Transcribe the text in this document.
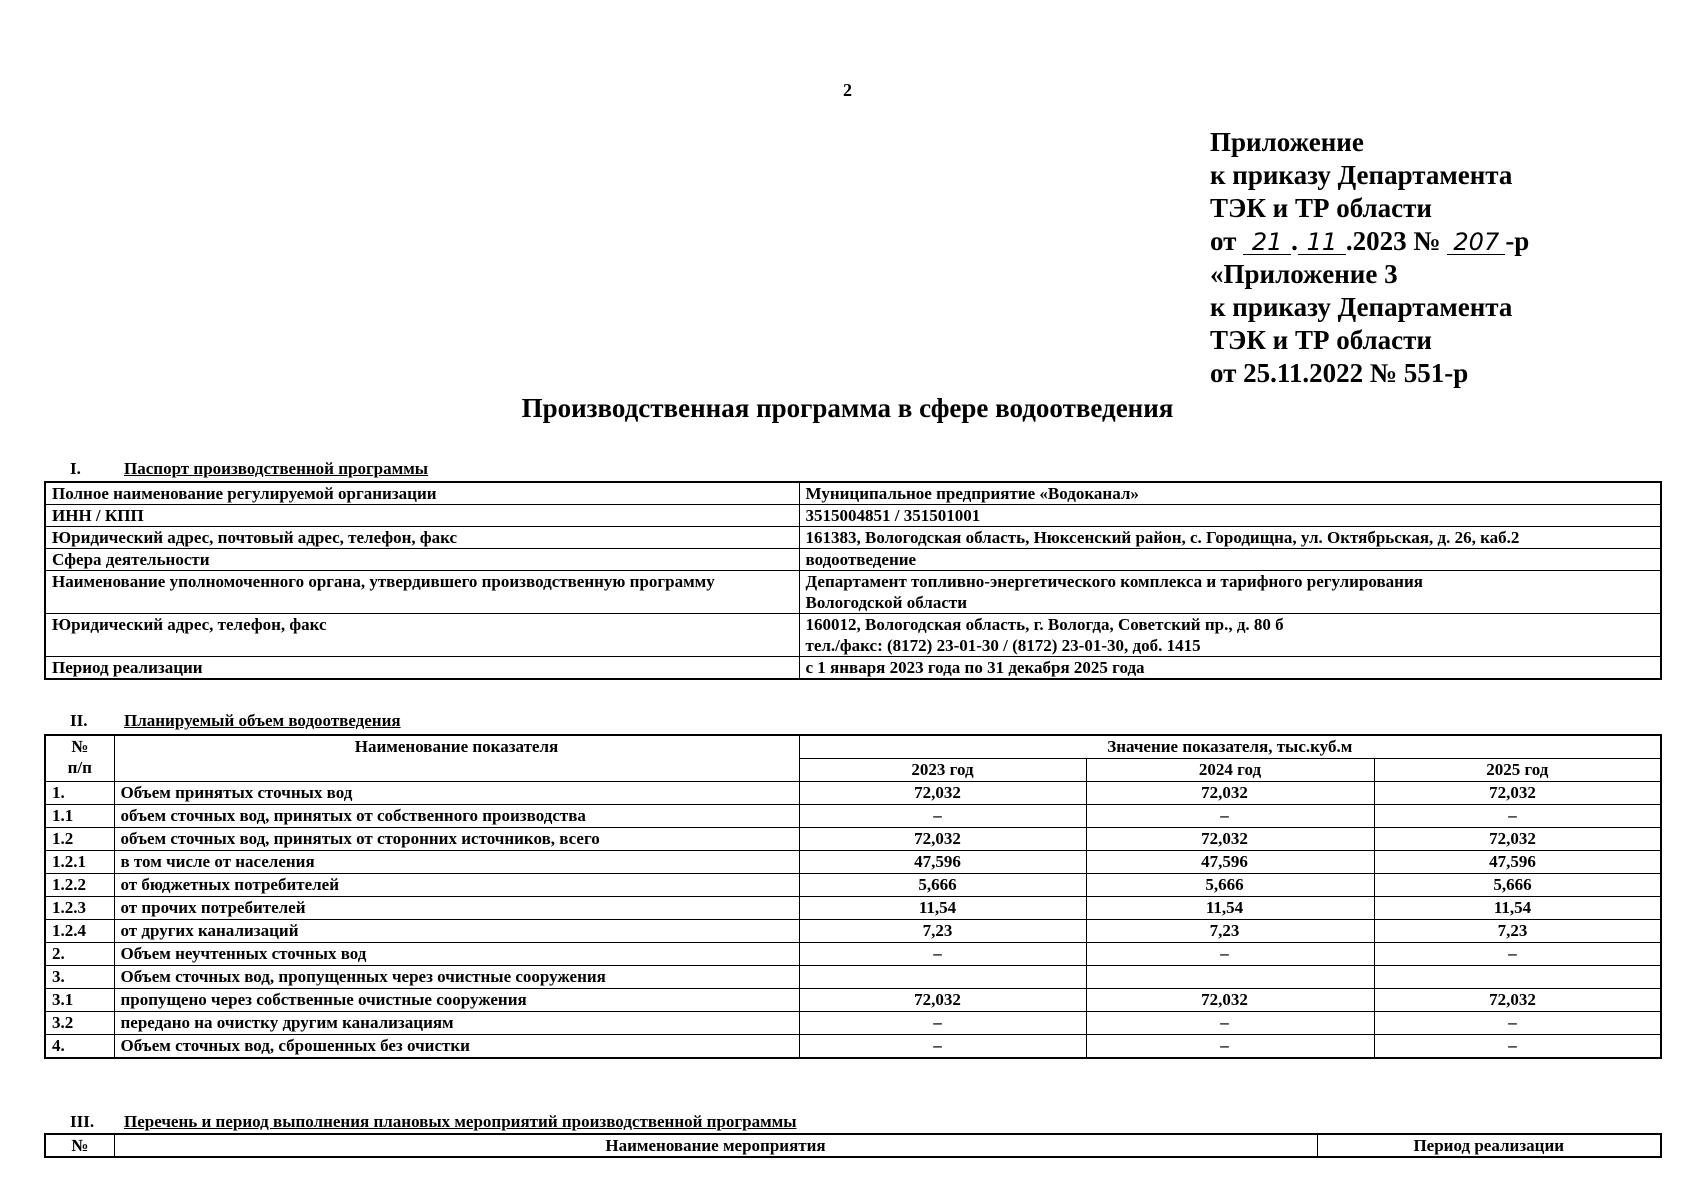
2
Приложение
к приказу Департамента
ТЭК и ТР области
от 21 . 11 .2023 № 207 -р
«Приложение 3
к приказу Департамента
ТЭК и ТР области
от 25.11.2022 № 551-р
Производственная программа в сфере водоотведения
I.	Паспорт производственной программы
Полное наименование регулируемой организации	Муниципальное предприятие «Водоканал»
ИНН / КПП	3515004851 / 351501001
Юридический адрес, почтовый адрес, телефон, факс	161383, Вологодская область, Нюксенский район, с. Городищна, ул. Октябрьская, д. 26, каб.2
Сфера деятельности	водоотведение
Наименование уполномоченного органа, утвердившего производственную программу	Департамент топливно-энергетического комплекса и тарифного регулирования
Вологодской области

Юридический адрес, телефон, факс	160012, Вологодская область, г. Вологда, Советский пр., д. 80 б
тел./факс: (8172) 23-01-30 / (8172) 23-01-30, доб. 1415

Период реализации	с 1 января 2023 года по 31 декабря 2025 года
II. Планируемый объем водоотведения
№
п/п	Наименование показателя	Значение показателя, тыс.куб.м		
		2023 год	2024 год	2025 год
1.	Объем принятых сточных вод	72,032	72,032	72,032
1.1	объем сточных вод, принятых от собственного производства	–	–	–
1.2	объем сточных вод, принятых от сторонних источников, всего	72,032	72,032	72,032
1.2.1	в том числе от населения	47,596	47,596	47,596
1.2.2	от бюджетных потребителей	5,666	5,666	5,666
1.2.3	от прочих потребителей	11,54	11,54	11,54
1.2.4	от других канализаций	7,23	7,23	7,23
2.	Объем неучтенных сточных вод	–	–	–
3.	Объем сточных вод, пропущенных через очистные сооружения			
3.1	пропущено через собственные очистные сооружения	72,032	72,032	72,032
3.2	передано на очистку другим канализациям	–	–	–
4.	Объем сточных вод, сброшенных без очистки	–	–	–
III. Перечень и период выполнения плановых мероприятий производственной программы
№	Наименование мероприятия	Период реализации
